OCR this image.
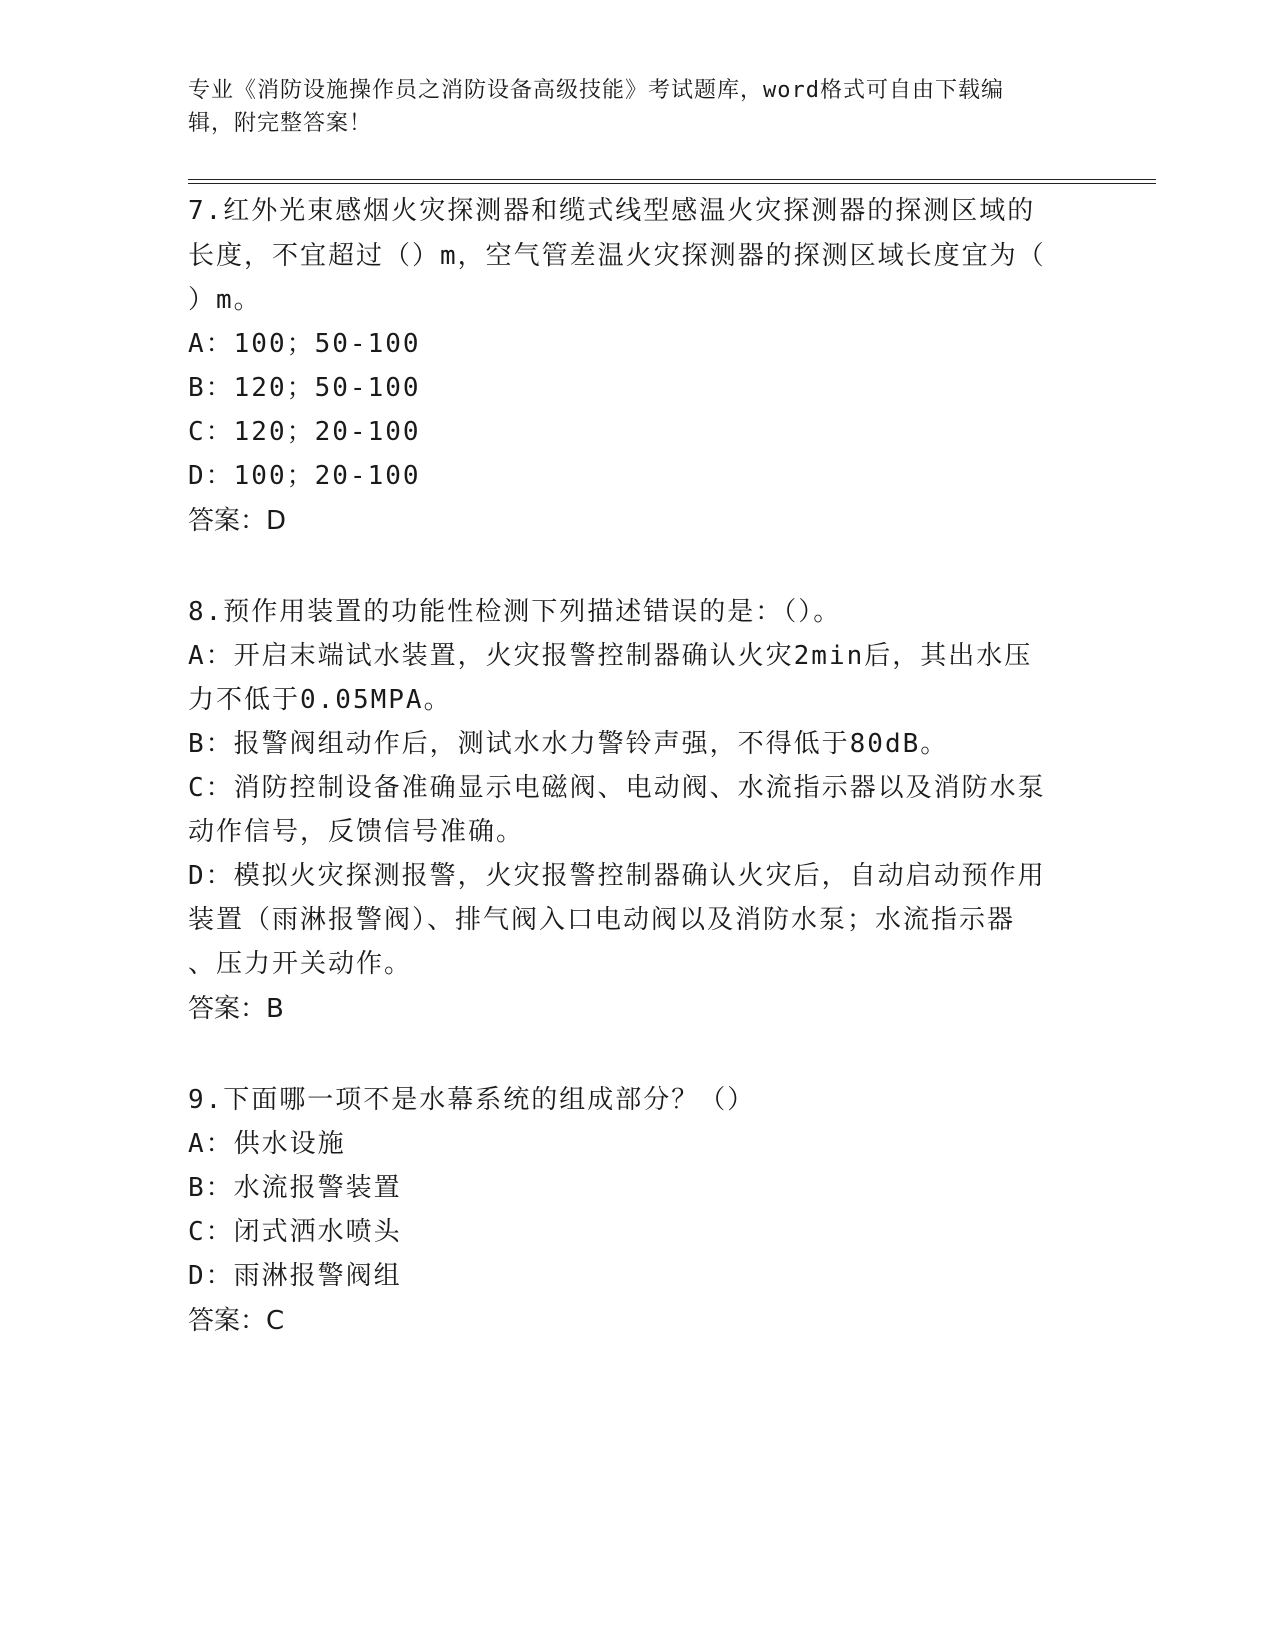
专业《消防设施操作员之消防设备高级技能》考试题库，word格式可自由下载编
辑，附完整答案！
7.红外光束感烟火灾探测器和缆式线型感温火灾探测器的探测区域的
长度，不宜超过（）m，空气管差温火灾探测器的探测区域长度宜为（
）m。
A：100；50-100
B：120；50-100
C：120；20-100
D：100；20-100
答案：D
8.预作用装置的功能性检测下列描述错误的是：（）。
A：开启末端试水装置，火灾报警控制器确认火灾2min后，其出水压
力不低于0.05MPA。
B：报警阀组动作后，测试水水力警铃声强，不得低于80dB。
C：消防控制设备准确显示电磁阀、电动阀、水流指示器以及消防水泵
动作信号，反馈信号准确。
D：模拟火灾探测报警，火灾报警控制器确认火灾后，自动启动预作用
装置（雨淋报警阀）、排气阀入口电动阀以及消防水泵；水流指示器
、压力开关动作。
答案：B
9.下面哪一项不是水幕系统的组成部分？（）
A：供水设施
B：水流报警装置
C：闭式洒水喷头
D：雨淋报警阀组
答案：C
